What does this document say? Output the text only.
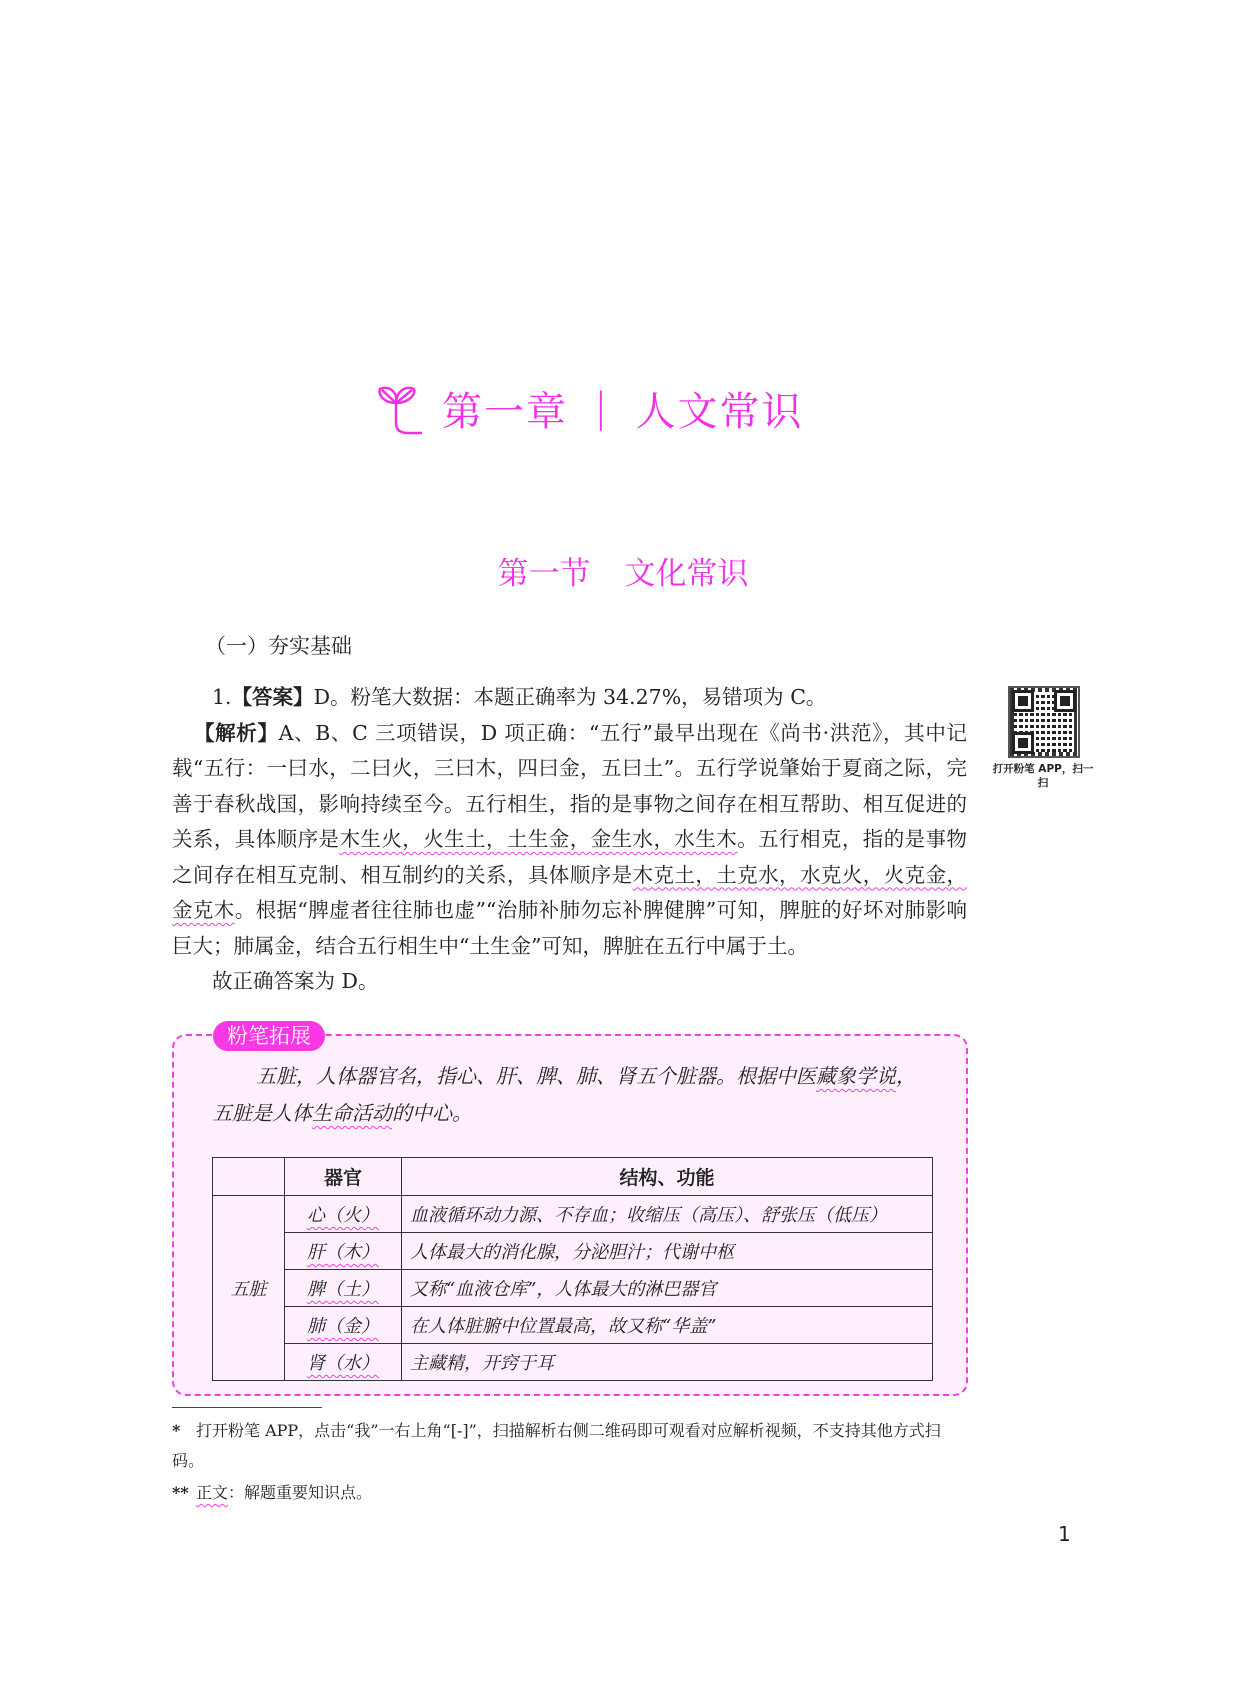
第一章 | 人文常识
第一节 文化常识
（一）夯实基础

1.【答案】D。粉笔大数据：本题正确率为 34.27%，易错项为 C。

【解析】A、B、C 三项错误，D 项正确：“五行”最早出现在《尚书·洪范》，其中记载“五行：一曰水，二曰火，三曰木，四曰金，五曰土”。五行学说肇始于夏商之际，完善于春秋战国，影响持续至今。五行相生，指的是事物之间存在相互帮助、相互促进的关系，具体顺序是木生火，火生土，土生金，金生水，水生木。五行相克，指的是事物之间存在相互克制、相互制约的关系，具体顺序是木克土，土克水，水克火，火克金，金克木。根据“脾虚者往往肺也虚”“治肺补肺勿忘补脾健脾”可知，脾脏的好坏对肺影响巨大；肺属金，结合五行相生中“土生金”可知，脾脏在五行中属于土。

故正确答案为 D。

打开粉笔 APP，扫一扫
粉笔拓展

五脏，人体器官名，指心、肝、脾、肺、肾五个脏器。根据中医藏象学说，五脏是人体生命活动的中心。

	器官	结构、功能
五脏	心（火）	血液循环动力源、不存血；收缩压（高压）、舒张压（低压）
	肝（木）	人体最大的消化腺，分泌胆汁；代谢中枢
	脾（土）	又称“血液仓库”，人体最大的淋巴器官
	肺（金）	在人体脏腑中位置最高，故又称“华盖”
	肾（水）	主藏精，开窍于耳
* 打开粉笔 APP，点击“我”一右上角“[-]”，扫描解析右侧二维码即可观看对应解析视频，不支持其他方式扫码。
** 正文：解题重要知识点。
1
